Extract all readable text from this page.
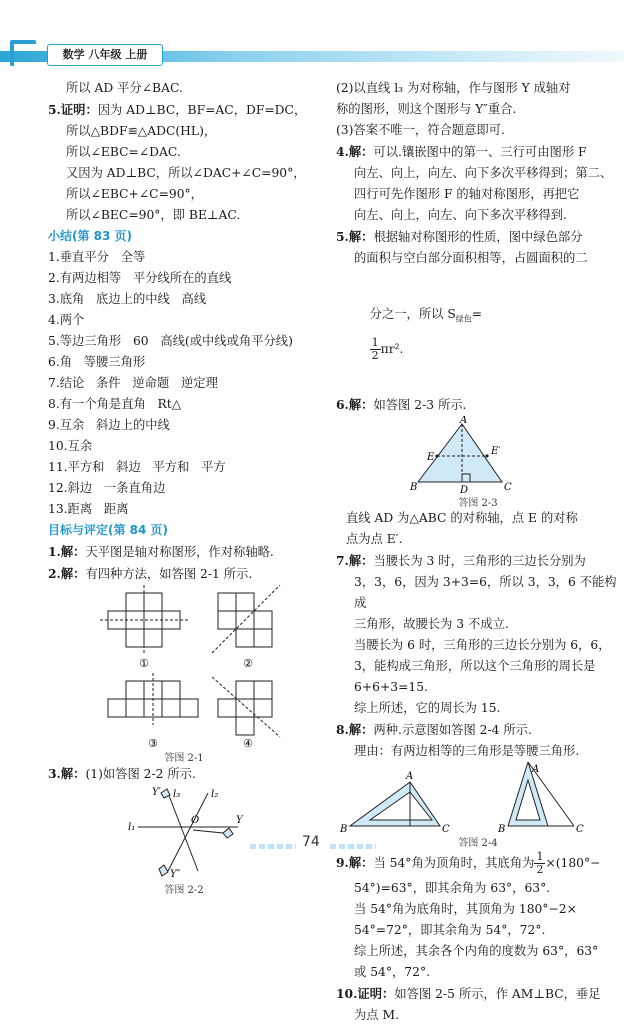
数学 八年级 上册
所以 AD 平分∠BAC.
5.证明：因为 AD⊥BC，BF=AC，DF=DC，
所以△BDF≌△ADC(HL)，
所以∠EBC=∠DAC.
又因为 AD⊥BC，所以∠DAC+∠C=90°，
所以∠EBC+∠C=90°，
所以∠BEC=90°，即 BE⊥AC.
小结(第 83 页)
1.垂直平分   全等
2.有两边相等   平分线所在的直线
3.底角   底边上的中线   高线
4.两个
5.等边三角形   60   高线(或中线或角平分线)
6.角   等腰三角形
7.结论   条件   逆命题   逆定理
8.有一个角是直角   Rt△
9.互余   斜边上的中线
10.互余
11.平方和   斜边   平方和   平方
12.斜边   一条直角边
13.距离   距离
目标与评定(第 84 页)
1.解：天平图是轴对称图形，作对称轴略.
2.解：有四种方法，如答图 2-1 所示.
①	②
③	④
答图 2-1
3.解：(1)如答图 2-2 所示.
Y′ l₃	l₂
l₁
O	Y
Y″
答图 2-2
(2)以直线 l₃ 为对称轴，作与图形 Y 成轴对
称的图形，则这个图形与 Y″重合.
(3)答案不唯一，符合题意即可.
4.解：可以.镶嵌图中的第一、三行可由图形 F
向左、向上，向左、向下多次平移得到；第二、
四行可先作图形 F 的轴对称图形，再把它
向左、向上，向左、向下多次平移得到.
5.解：根据轴对称图形的性质，图中绿色部分
的面积与空白部分面积相等，占圆面积的二

分之一，所以 $S_{绿色}=$

$\frac{1}{2} \pi r^2$.

6.解：如答图 2-3 所示.
A
E
E′
B	D	C
答图 2-3
直线 AD 为△ABC 的对称轴，点 E 的对称
点为点 E′.
7.解：当腰长为 3 时，三角形的三边长分别为
3，3，6，因为 3+3=6，所以 3，3，6 不能构成
三角形，故腰长为 3 不成立.
当腰长为 6 时，三角形的三边长分别为 6，6，
3，能构成三角形，所以这个三角形的周长是
6+6+3=15.
综上所述，它的周长为 15.
8.解：两种.示意图如答图 2-4 所示.
理由：有两边相等的三角形是等腰三角形.
A
B	C
A
B	C
答图 2-4
9.解：当 54°角为顶角时，其底角为 $\frac{1}{2} \times(180^\circ-$
54°)=63°，即其余角为 63°，63°.
当 54°角为底角时，其顶角为 180°−2×
54°=72°，即其余角为 54°，72°.
综上所述，其余各个内角的度数为 63°，63°
或 54°，72°.
10.证明：如答图 2-5 所示，作 AM⊥BC，垂足
为点 M.
74
